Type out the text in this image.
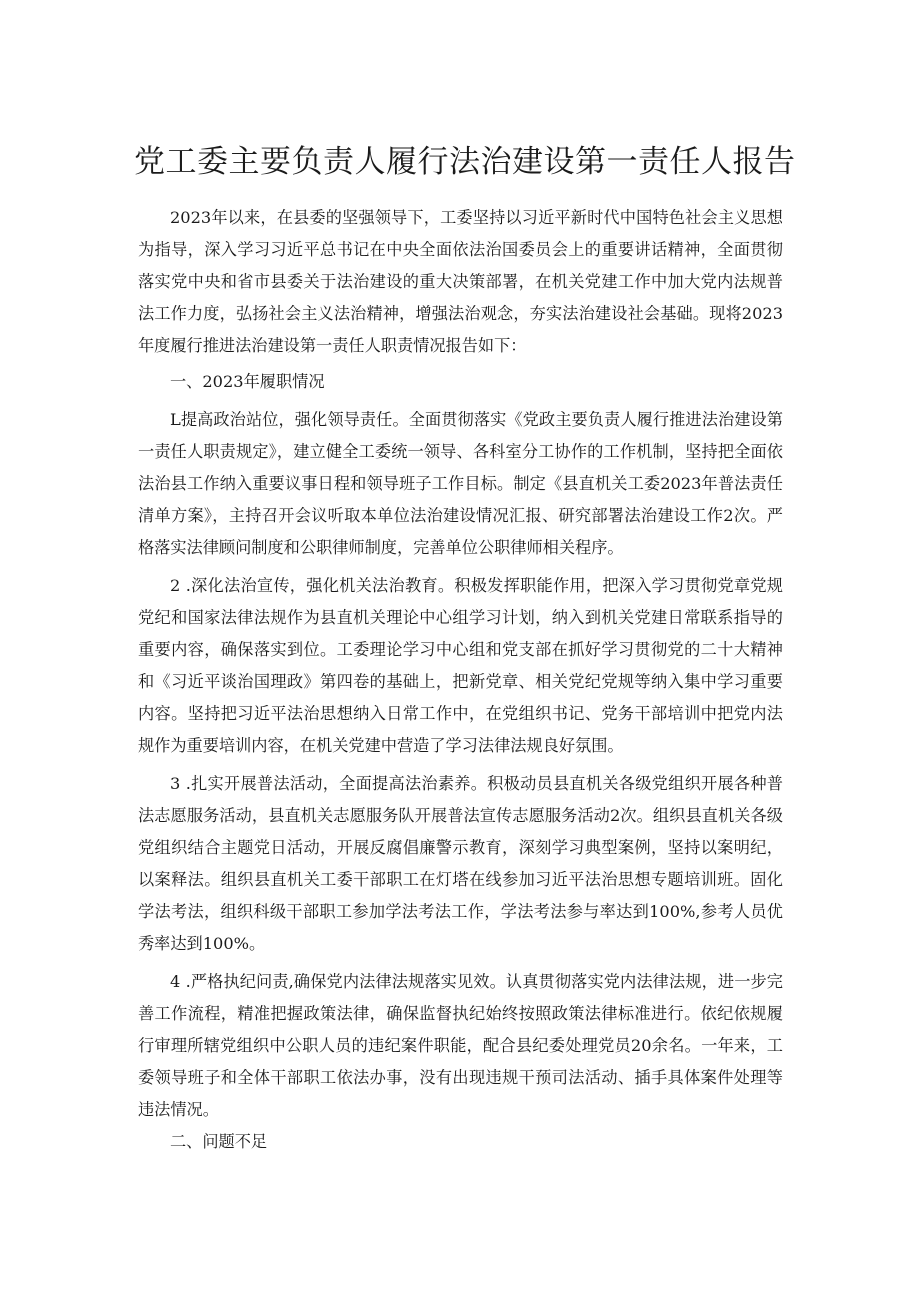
党工委主要负责人履行法治建设第一责任人报告

2023年以来，在县委的坚强领导下，工委坚持以习近平新时代中国特色社会主义思想为指导，深入学习习近平总书记在中央全面依法治国委员会上的重要讲话精神，全面贯彻落实党中央和省市县委关于法治建设的重大决策部署，在机关党建工作中加大党内法规普法工作力度，弘扬社会主义法治精神，增强法治观念，夯实法治建设社会基础。现将2023年度履行推进法治建设第一责任人职责情况报告如下：

一、2023年履职情况

L提高政治站位，强化领导责任。全面贯彻落实《党政主要负责人履行推进法治建设第一责任人职责规定》，建立健全工委统一领导、各科室分工协作的工作机制，坚持把全面依法治县工作纳入重要议事日程和领导班子工作目标。制定《县直机关工委2023年普法责任清单方案》，主持召开会议听取本单位法治建设情况汇报、研究部署法治建设工作2次。严格落实法律顾问制度和公职律师制度，完善单位公职律师相关程序。

2 .深化法治宣传，强化机关法治教育。积极发挥职能作用，把深入学习贯彻党章党规党纪和国家法律法规作为县直机关理论中心组学习计划，纳入到机关党建日常联系指导的重要内容，确保落实到位。工委理论学习中心组和党支部在抓好学习贯彻党的二十大精神和《习近平谈治国理政》第四卷的基础上，把新党章、相关党纪党规等纳入集中学习重要内容。坚持把习近平法治思想纳入日常工作中，在党组织书记、党务干部培训中把党内法规作为重要培训内容，在机关党建中营造了学习法律法规良好氛围。

3 .扎实开展普法活动，全面提高法治素养。积极动员县直机关各级党组织开展各种普法志愿服务活动，县直机关志愿服务队开展普法宣传志愿服务活动2次。组织县直机关各级党组织结合主题党日活动，开展反腐倡廉警示教育，深刻学习典型案例，坚持以案明纪，以案释法。组织县直机关工委干部职工在灯塔在线参加习近平法治思想专题培训班。固化学法考法，组织科级干部职工参加学法考法工作，学法考法参与率达到100%,参考人员优秀率达到100%。

4 .严格执纪问责,确保党内法律法规落实见效。认真贯彻落实党内法律法规，进一步完善工作流程，精准把握政策法律，确保监督执纪始终按照政策法律标准进行。依纪依规履行审理所辖党组织中公职人员的违纪案件职能，配合县纪委处理党员20余名。一年来，工委领导班子和全体干部职工依法办事，没有出现违规干预司法活动、插手具体案件处理等违法情况。

二、问题不足
